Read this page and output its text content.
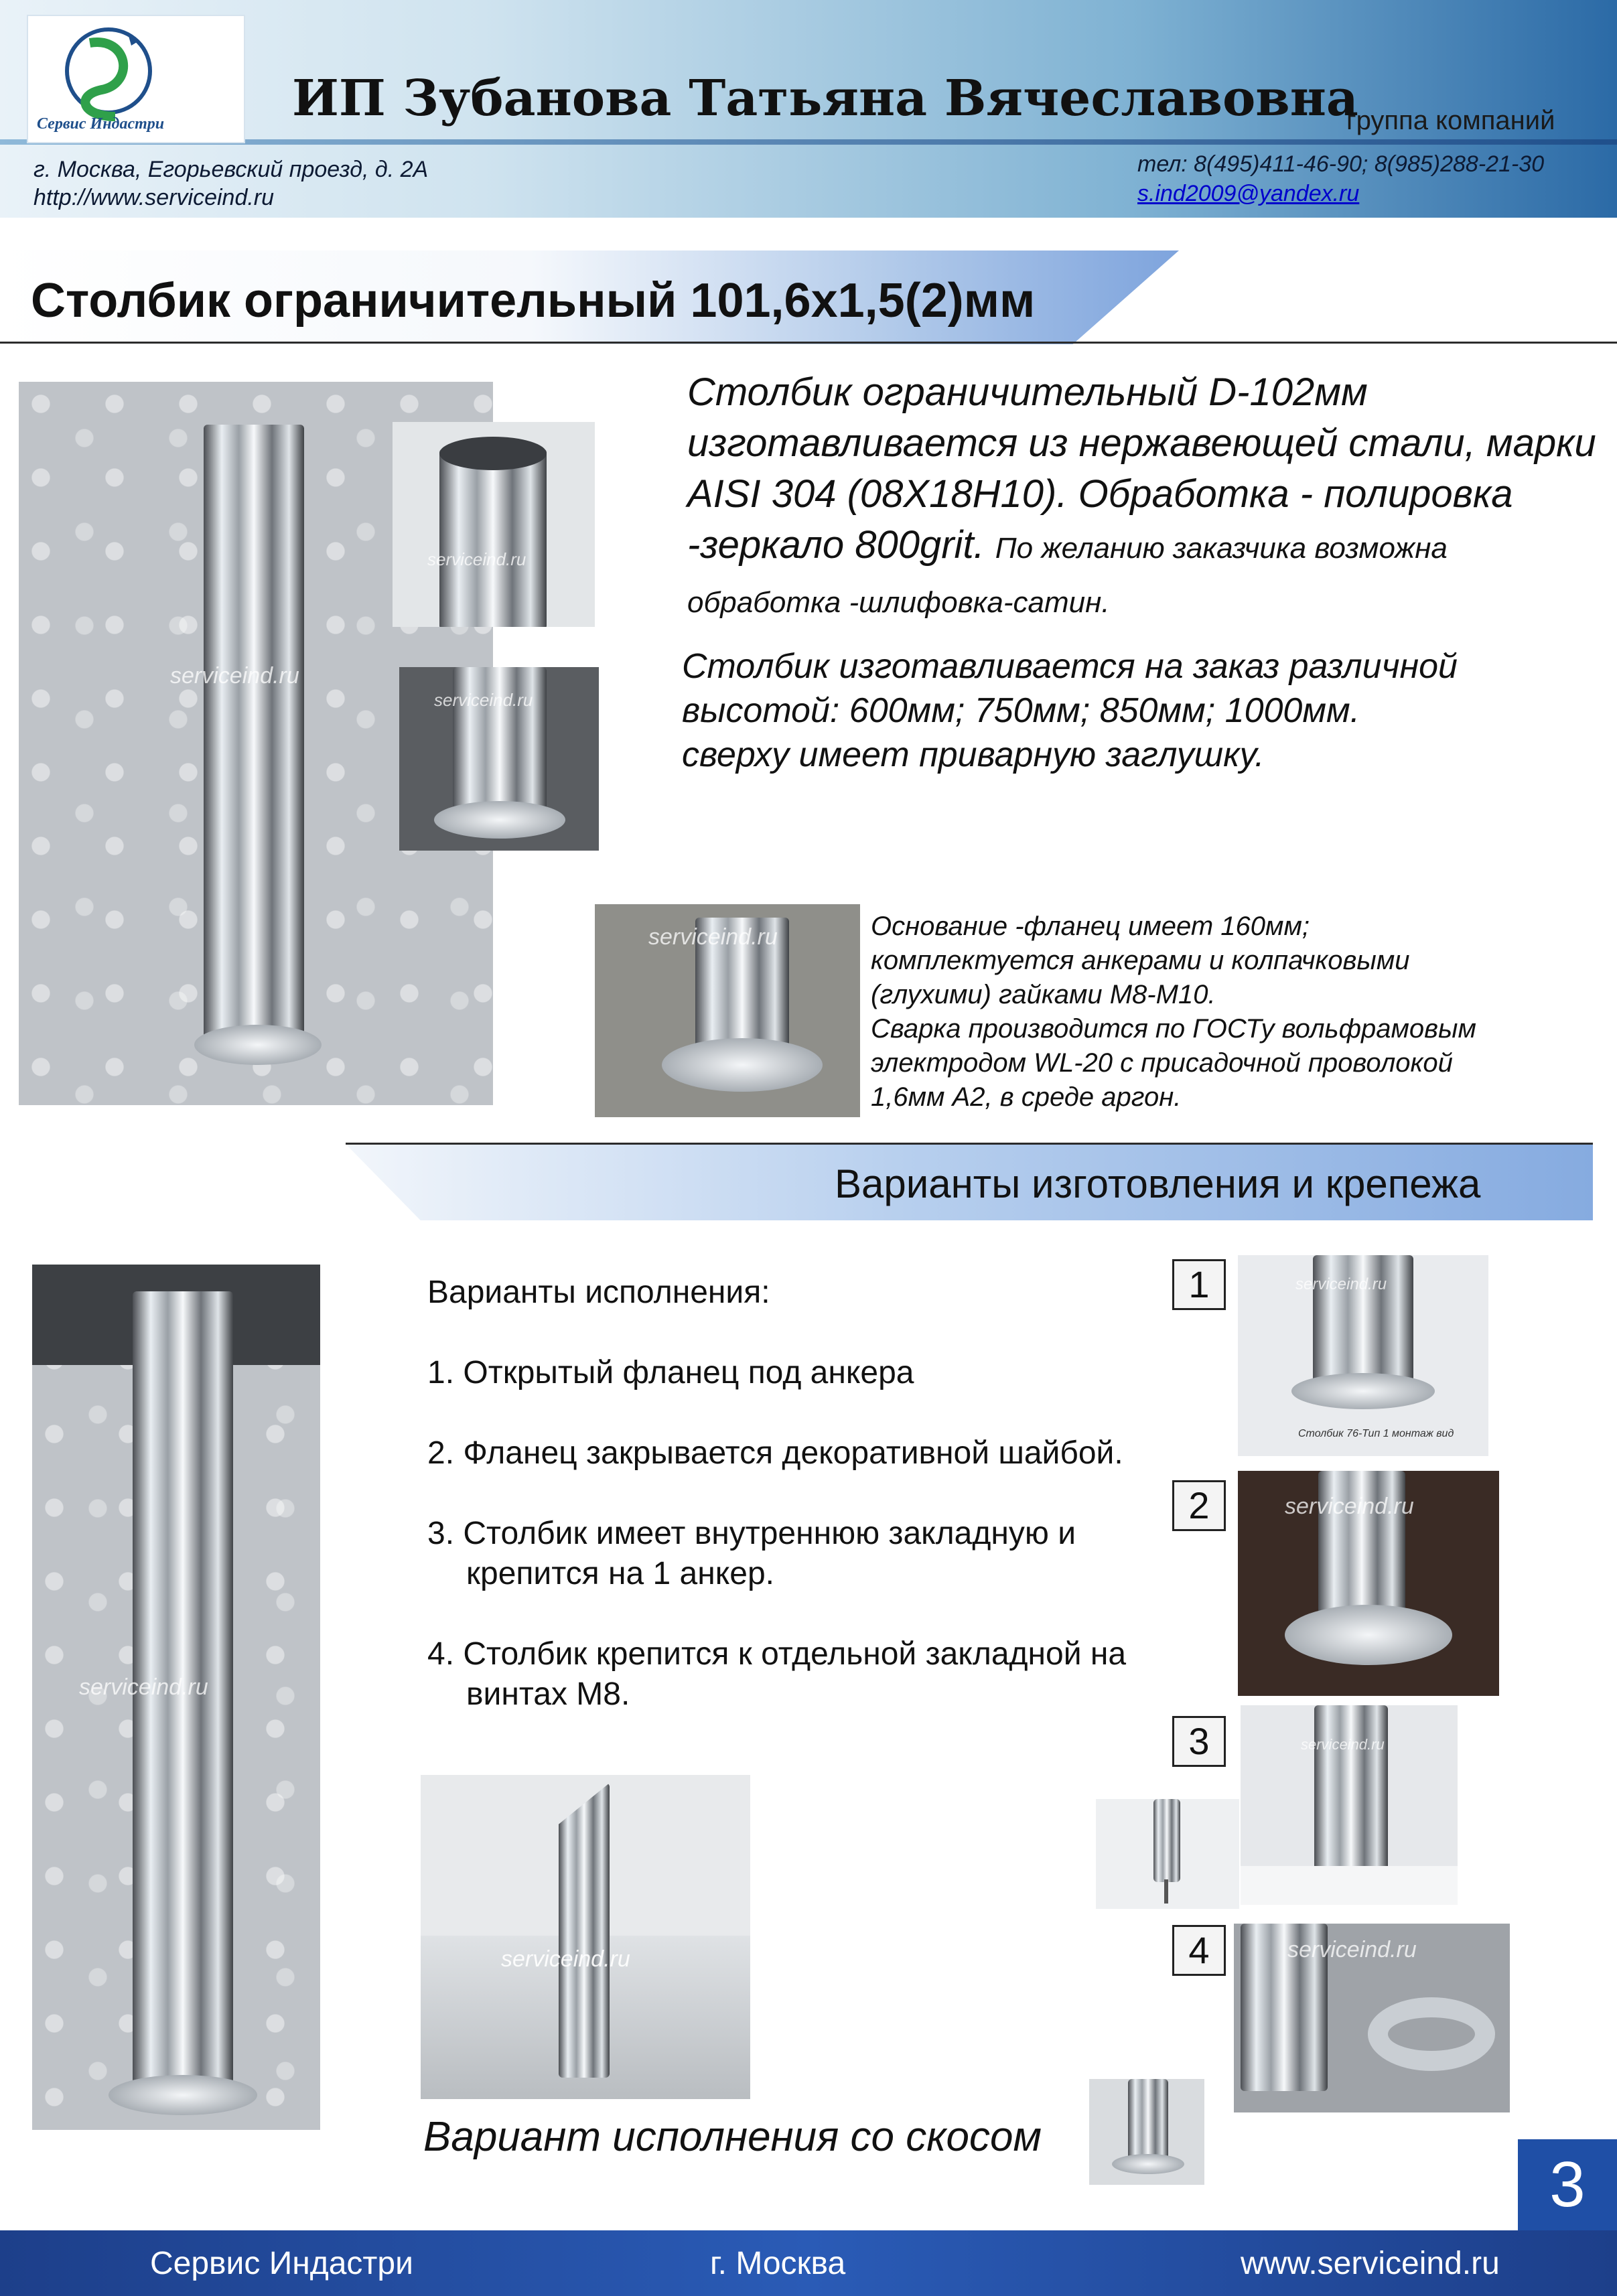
Сервис Индастри	ИП Зубанова Татьяна Вячеславовна
группа компаний
г. Москва, Егорьевский проезд, д. 2А
http://www.serviceind.ru
тел: 8(495)411-46-90; 8(985)288-21-30
s.ind2009@yandex.ru
Столбик ограничительный 101,6х1,5(2)мм
serviceind.ru
serviceind.ru
serviceind.ru
Столбик ограничительный D-102мм изготавливается из нержавеющей стали, марки AISI 304 (08Х18Н10). Обработка - полировка -зеркало 800grit. По желанию заказчика возможна обработка -шлифовка-сатин.
Столбик изготавливается на заказ различной
высотой: 600мм; 750мм; 850мм; 1000мм.
сверху имеет приварную заглушку.
serviceind.ru	Основание -фланец имеет 160мм;
комплектуется анкерами и колпачковыми
(глухими) гайками М8-М10.
Сварка производится по ГОСТу вольфрамовым
электродом WL-20 с присадочной проволокой
1,6мм А2, в среде аргон.
Варианты изготовления и крепежа
serviceind.ru
Варианты исполнения:
1. Открытый фланец под анкера
2. Фланец закрывается декоративной шайбой.
3. Столбик имеет внутреннюю закладную и крепится на 1 анкер.
4. Столбик крепится к отдельной закладной на винтах М8.
serviceind.ru
Вариант исполнения со скосом
1
2
3
4
serviceind.ru
Столбик 76-Тип 1 монтаж вид
serviceind.ru
serviceind.ru
serviceind.ru
3
Сервис Индастри	г. Москва	www.serviceind.ru
